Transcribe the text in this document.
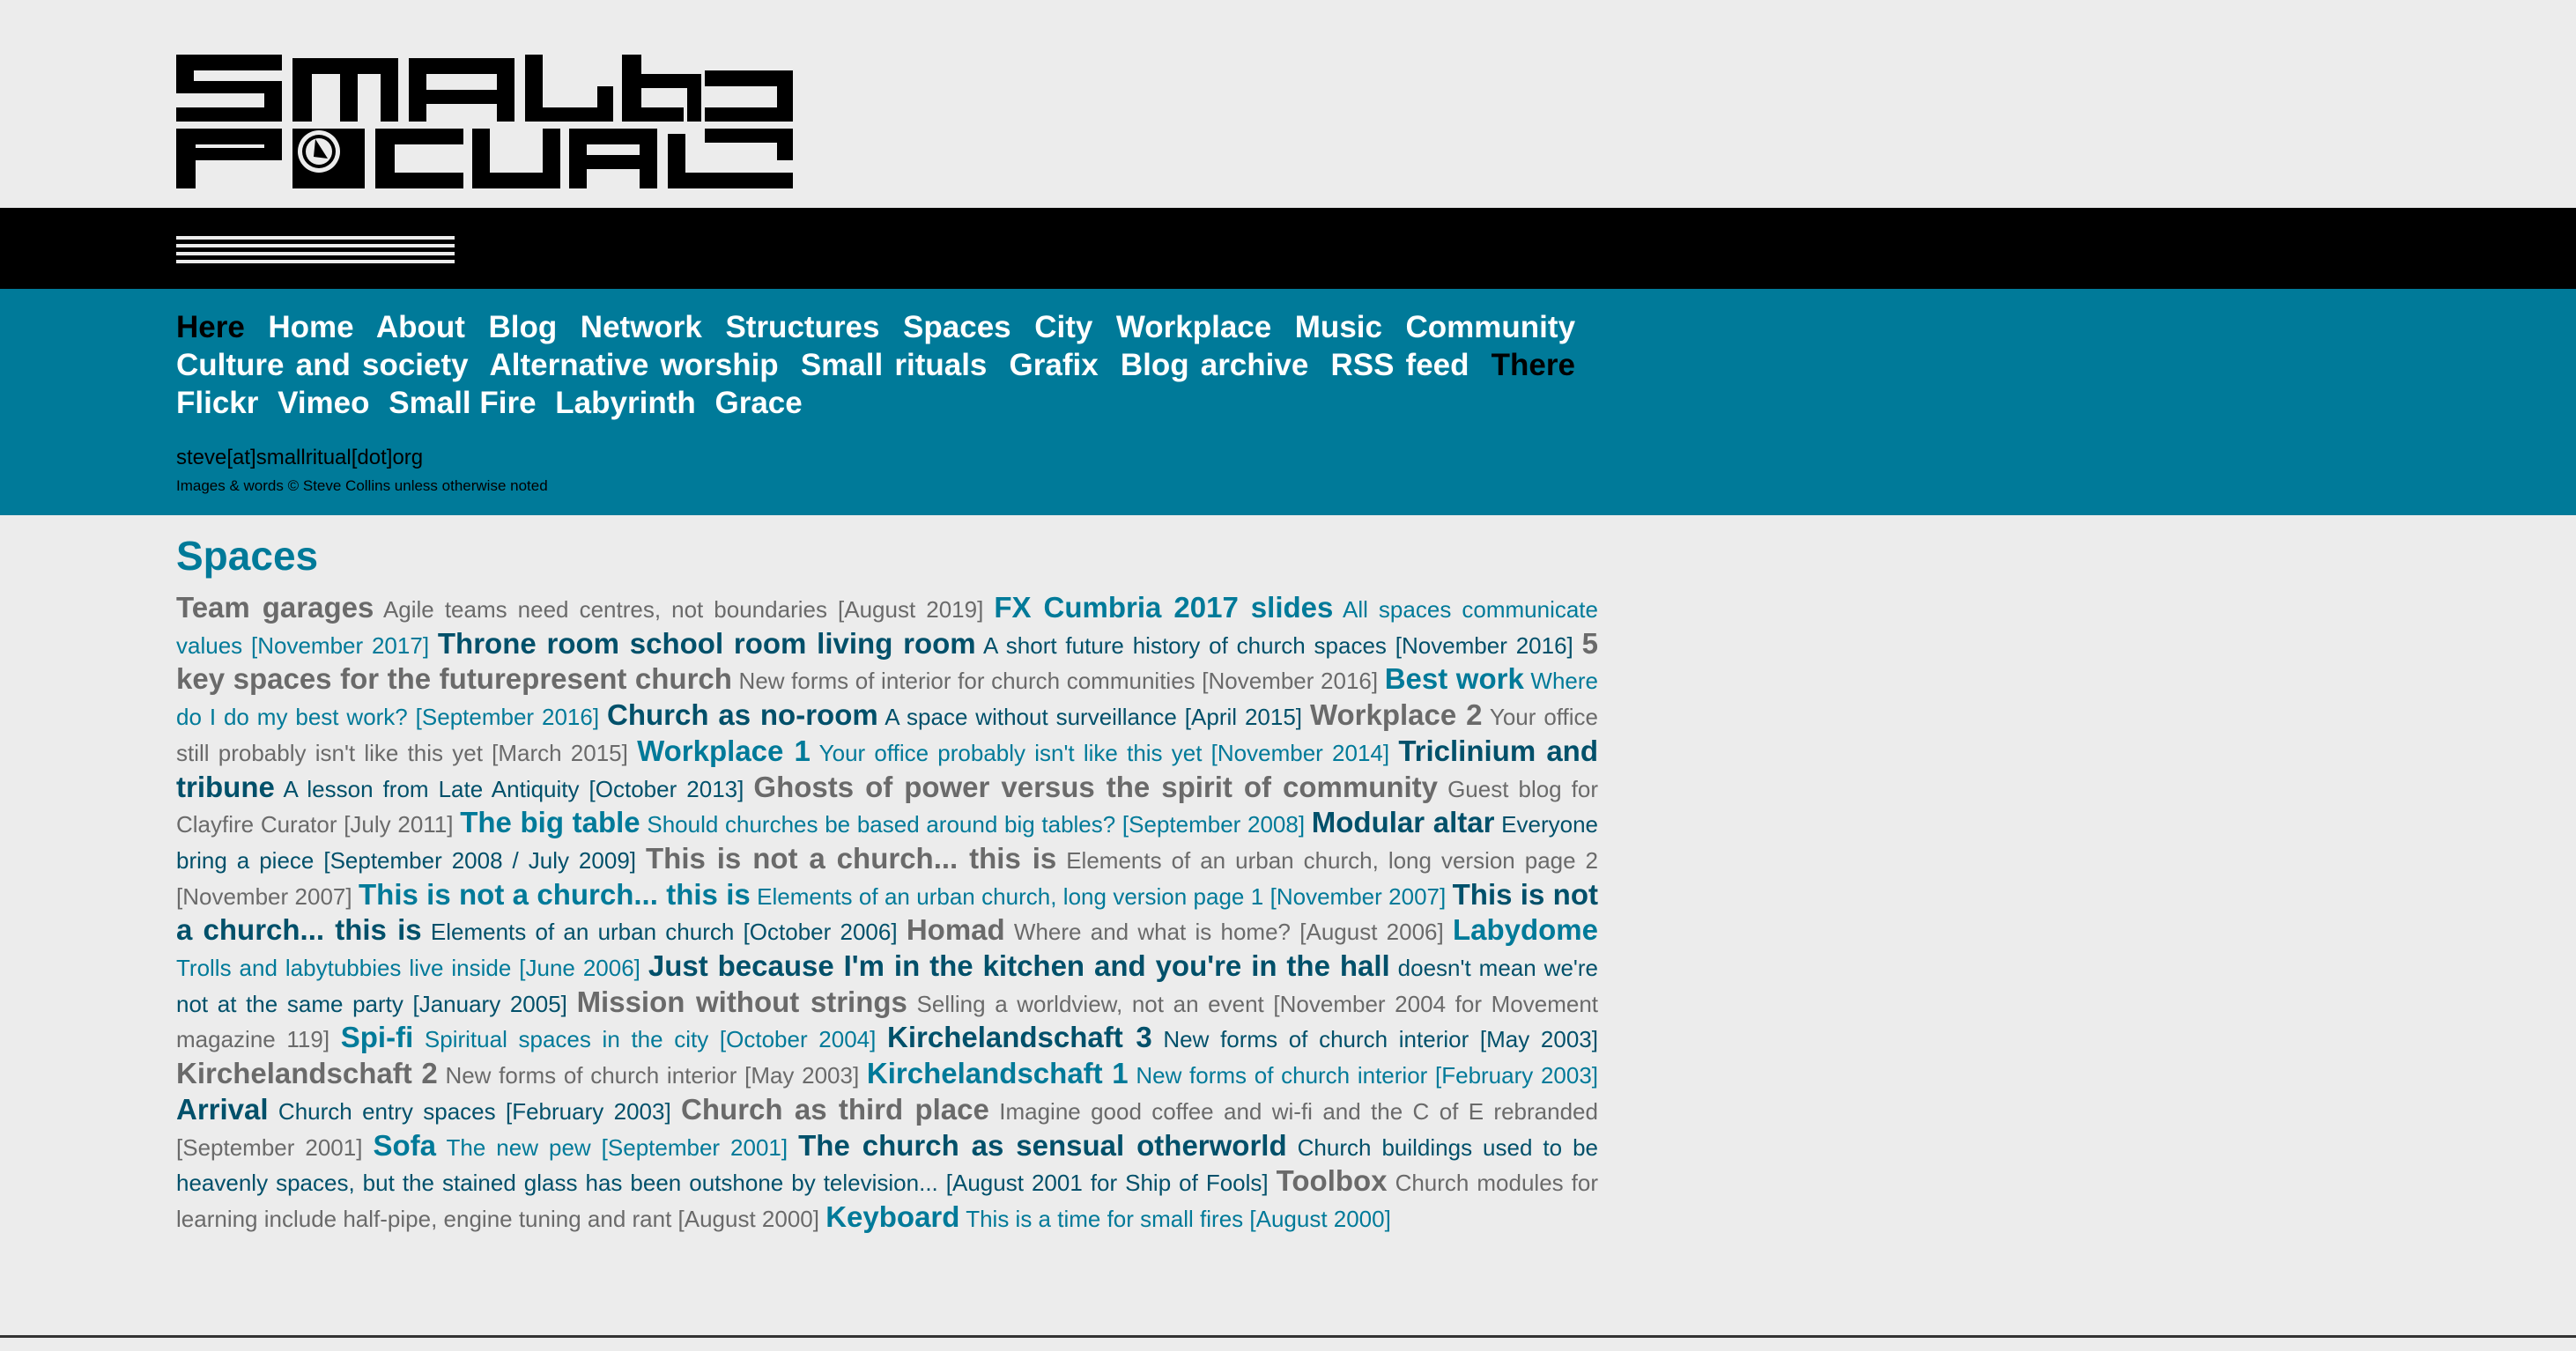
Here Home About Blog Network Structures Spaces City Workplace Music Community Culture and society Alternative worship Small rituals Grafix Blog archive RSS feed There Flickr Vimeo Small Fire Labyrinth Grace
steve[at]smallritual[dot]org
Images & words © Steve Collins unless otherwise noted
Spaces
Team garages Agile teams need centres, not boundaries [August 2019] FX Cumbria 2017 slides All spaces communicate values [November 2017] Throne room school room living room A short future history of church spaces [November 2016] 5 key spaces for the futurepresent church New forms of interior for church communities [November 2016] Best work Where do I do my best work? [September 2016] Church as no-room A space without surveillance [April 2015] Workplace 2 Your office still probably isn't like this yet [March 2015] Workplace 1 Your office probably isn't like this yet [November 2014] Triclinium and tribune A lesson from Late Antiquity [October 2013] Ghosts of power versus the spirit of community Guest blog for Clayfire Curator [July 2011] The big table Should churches be based around big tables? [September 2008] Modular altar Everyone bring a piece [September 2008 / July 2009] This is not a church... this is Elements of an urban church, long version page 2 [November 2007] This is not a church... this is Elements of an urban church, long version page 1 [November 2007] This is not a church... this is Elements of an urban church [October 2006] Homad Where and what is home? [August 2006] Labydome Trolls and labytubbies live inside [June 2006] Just because I'm in the kitchen and you're in the hall doesn't mean we're not at the same party [January 2005] Mission without strings Selling a worldview, not an event [November 2004 for Movement magazine 119] Spi-fi Spiritual spaces in the city [October 2004] Kirchelandschaft 3 New forms of church interior [May 2003] Kirchelandschaft 2 New forms of church interior [May 2003] Kirchelandschaft 1 New forms of church interior [February 2003] Arrival Church entry spaces [February 2003] Church as third place Imagine good coffee and wi-fi and the C of E rebranded [September 2001] Sofa The new pew [September 2001] The church as sensual otherworld Church buildings used to be heavenly spaces, but the stained glass has been outshone by television... [August 2001 for Ship of Fools] Toolbox Church modules for learning include half-pipe, engine tuning and rant [August 2000] Keyboard This is a time for small fires [August 2000]
